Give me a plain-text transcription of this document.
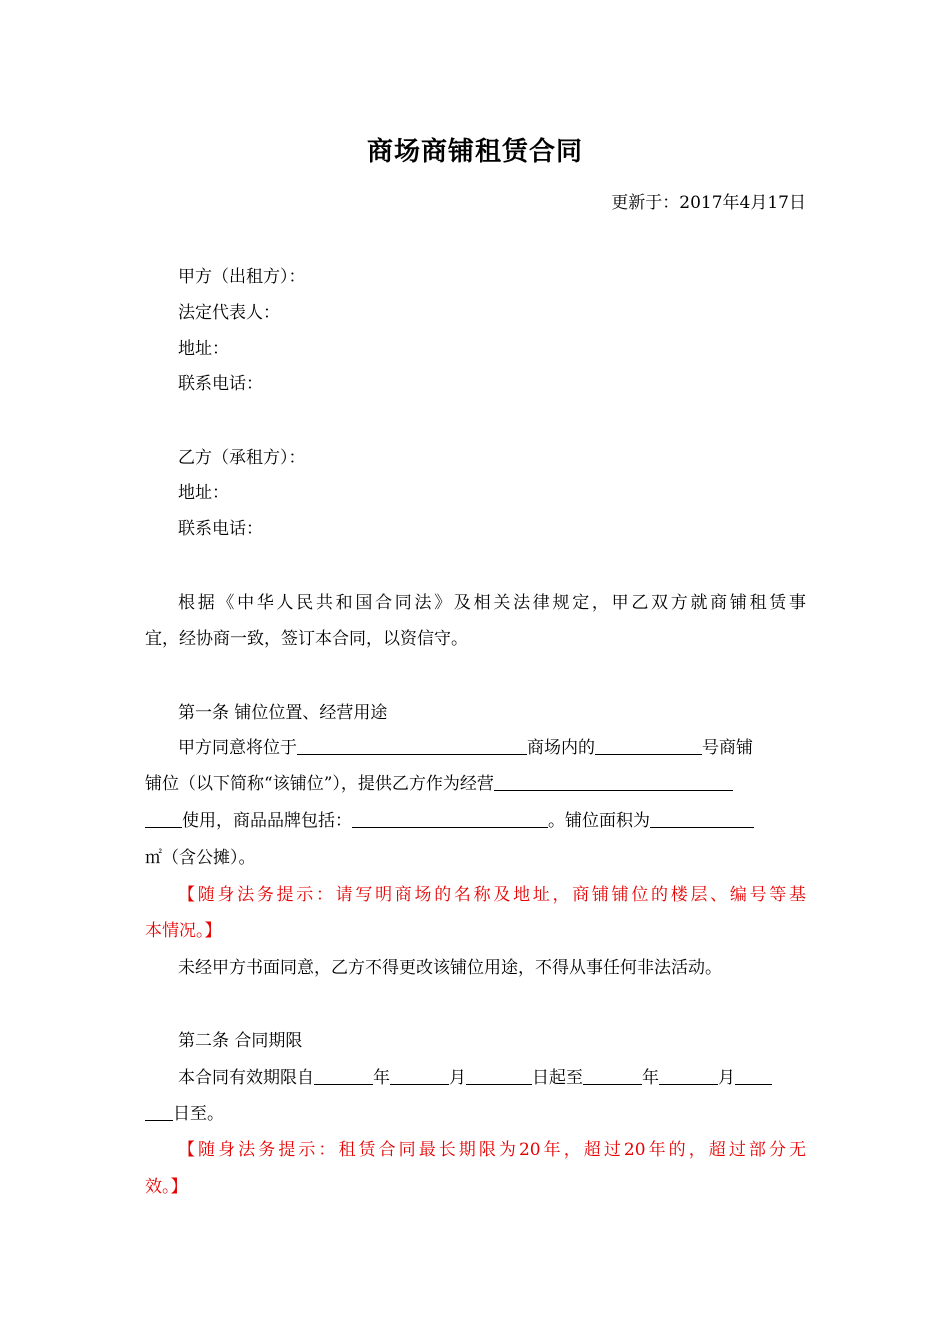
商场商铺租赁合同
更新于：2017年4月17日
甲方（出租方）：
法定代表人：
地址：
联系电话：
乙方（承租方）：
地址：
联系电话：
根据《中华人民共和国合同法》及相关法律规定，甲乙双方就商铺租赁事
宜，经协商一致，签订本合同，以资信守。
第一条 铺位位置、经营用途
甲方同意将位于	商场内的	号商铺
铺位（以下简称“该铺位”），提供乙方作为经营
使用，商品品牌包括：	。铺位面积为
㎡（含公摊）。
【随身法务提示：请写明商场的名称及地址，商铺铺位的楼层、编号等基
本情况。】
未经甲方书面同意，乙方不得更改该铺位用途，不得从事任何非法活动。
第二条 合同期限
本合同有效期限自	年	月	日起至	年	月
日至。
【随身法务提示：租赁合同最长期限为20年，超过20年的，超过部分无
效。】
